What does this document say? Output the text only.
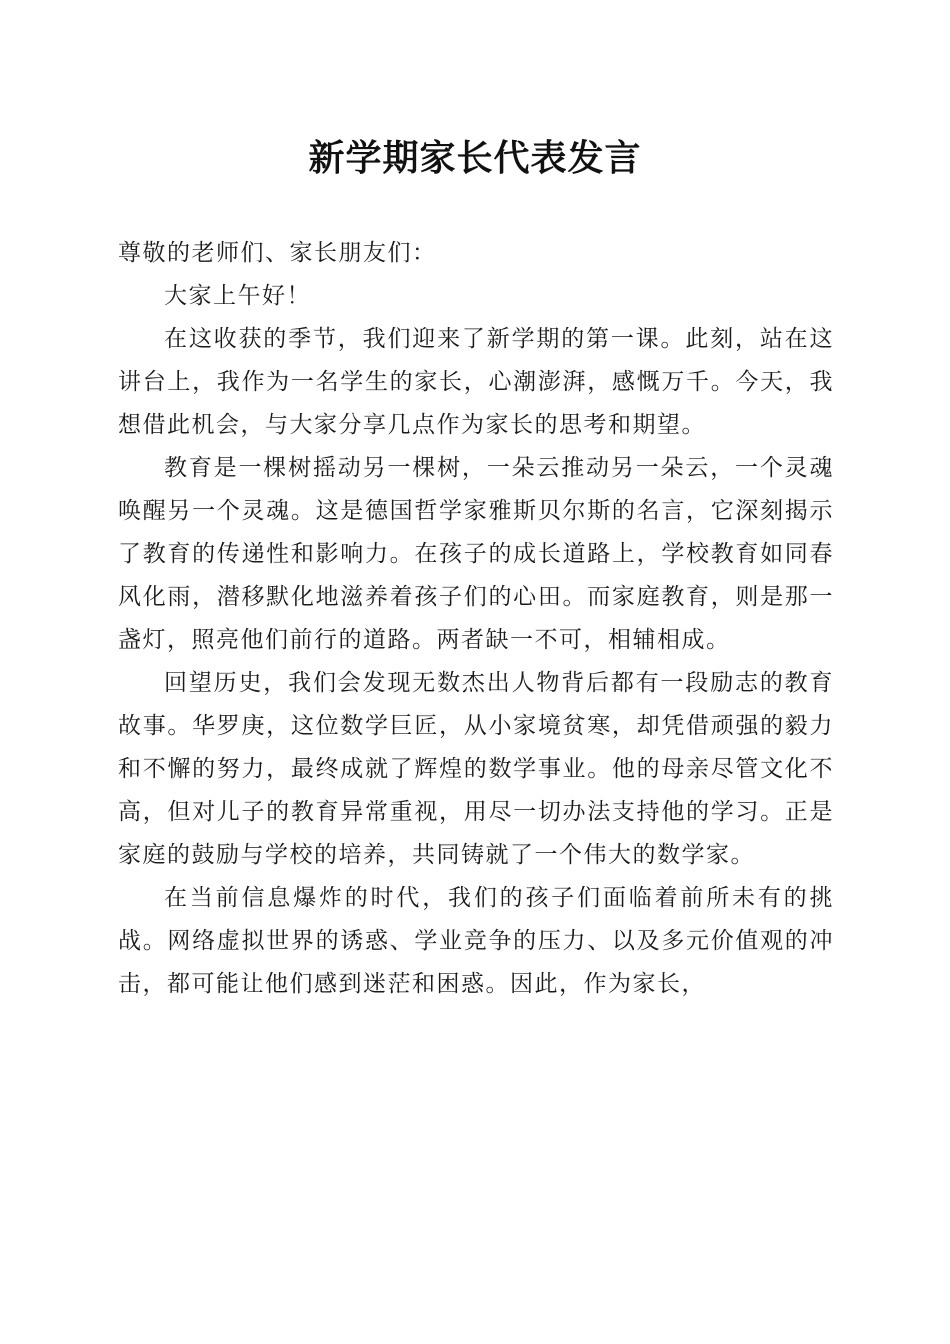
新学期家长代表发言

尊敬的老师们、家长朋友们：

大家上午好！

在这收获的季节，我们迎来了新学期的第一课。此刻，站在这讲台上，我作为一名学生的家长，心潮澎湃，感慨万千。今天，我想借此机会，与大家分享几点作为家长的思考和期望。

教育是一棵树摇动另一棵树，一朵云推动另一朵云，一个灵魂唤醒另一个灵魂。这是德国哲学家雅斯贝尔斯的名言，它深刻揭示了教育的传递性和影响力。在孩子的成长道路上，学校教育如同春风化雨，潜移默化地滋养着孩子们的心田。而家庭教育，则是那一盏灯，照亮他们前行的道路。两者缺一不可，相辅相成。

回望历史，我们会发现无数杰出人物背后都有一段励志的教育故事。华罗庚，这位数学巨匠，从小家境贫寒，却凭借顽强的毅力和不懈的努力，最终成就了辉煌的数学事业。他的母亲尽管文化不高，但对儿子的教育异常重视，用尽一切办法支持他的学习。正是家庭的鼓励与学校的培养，共同铸就了一个伟大的数学家。

在当前信息爆炸的时代，我们的孩子们面临着前所未有的挑战。网络虚拟世界的诱惑、学业竞争的压力、以及多元价值观的冲击，都可能让他们感到迷茫和困惑。因此，作为家长，
